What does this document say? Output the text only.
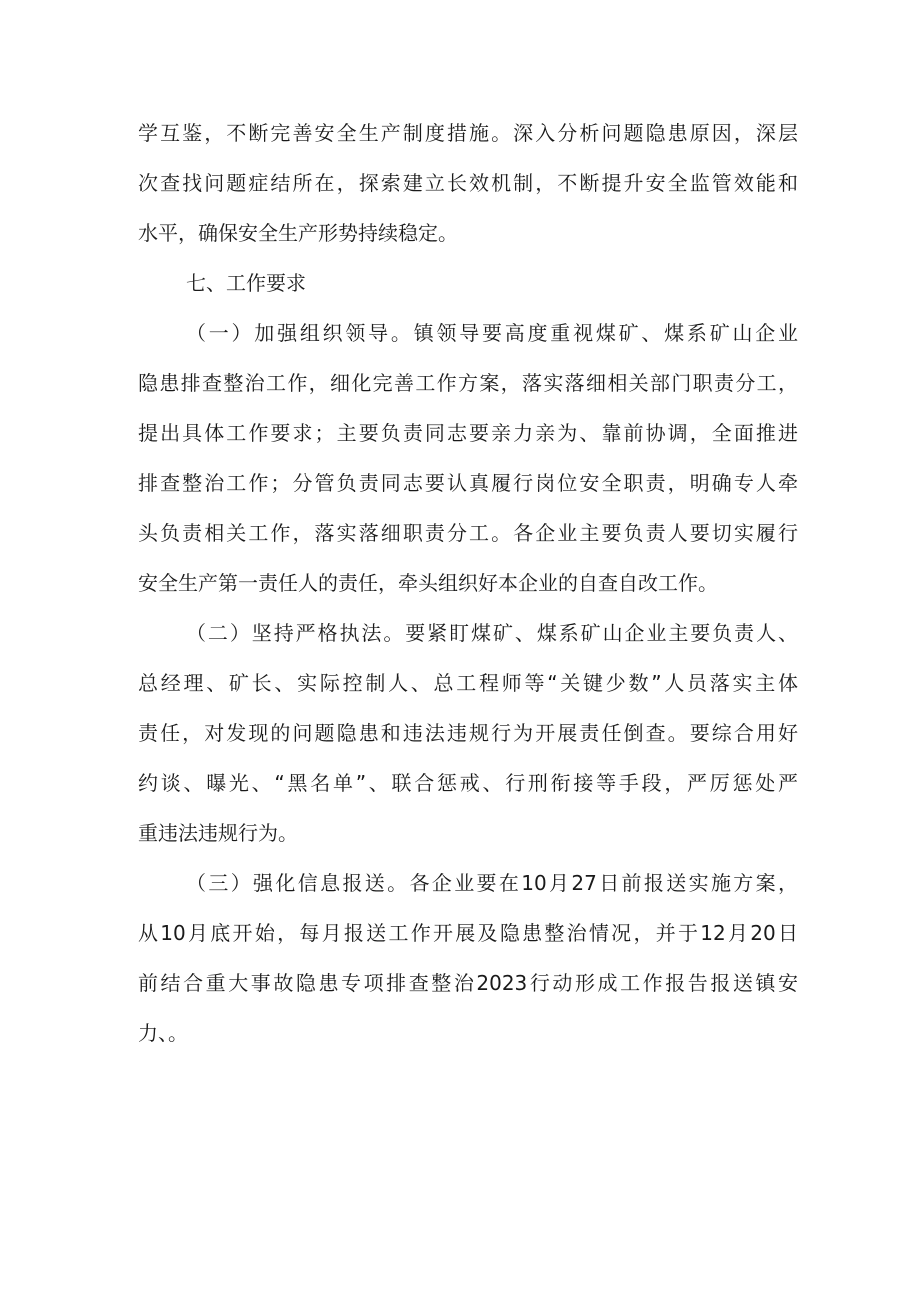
学互鉴，不断完善安全生产制度措施。深入分析问题隐患原因，深层
次查找问题症结所在，探索建立长效机制，不断提升安全监管效能和
水平，确保安全生产形势持续稳定。
七、工作要求
（一）加强组织领导。镇领导要高度重视煤矿、煤系矿山企业
隐患排查整治工作，细化完善工作方案，落实落细相关部门职责分工，
提出具体工作要求；主要负责同志要亲力亲为、靠前协调，全面推进
排查整治工作；分管负责同志要认真履行岗位安全职责，明确专人牵
头负责相关工作，落实落细职责分工。各企业主要负责人要切实履行
安全生产第一责任人的责任，牵头组织好本企业的自查自改工作。
（二）坚持严格执法。要紧盯煤矿、煤系矿山企业主要负责人、
总经理、矿长、实际控制人、总工程师等“关键少数”人员落实主体
责任，对发现的问题隐患和违法违规行为开展责任倒查。要综合用好
约谈、曝光、“黑名单”、联合惩戒、行刑衔接等手段，严厉惩处严
重违法违规行为。
（三）强化信息报送。各企业要在10月27日前报送实施方案，
从10月底开始，每月报送工作开展及隐患整治情况，并于12月20日
前结合重大事故隐患专项排查整治2023行动形成工作报告报送镇安
力、。
